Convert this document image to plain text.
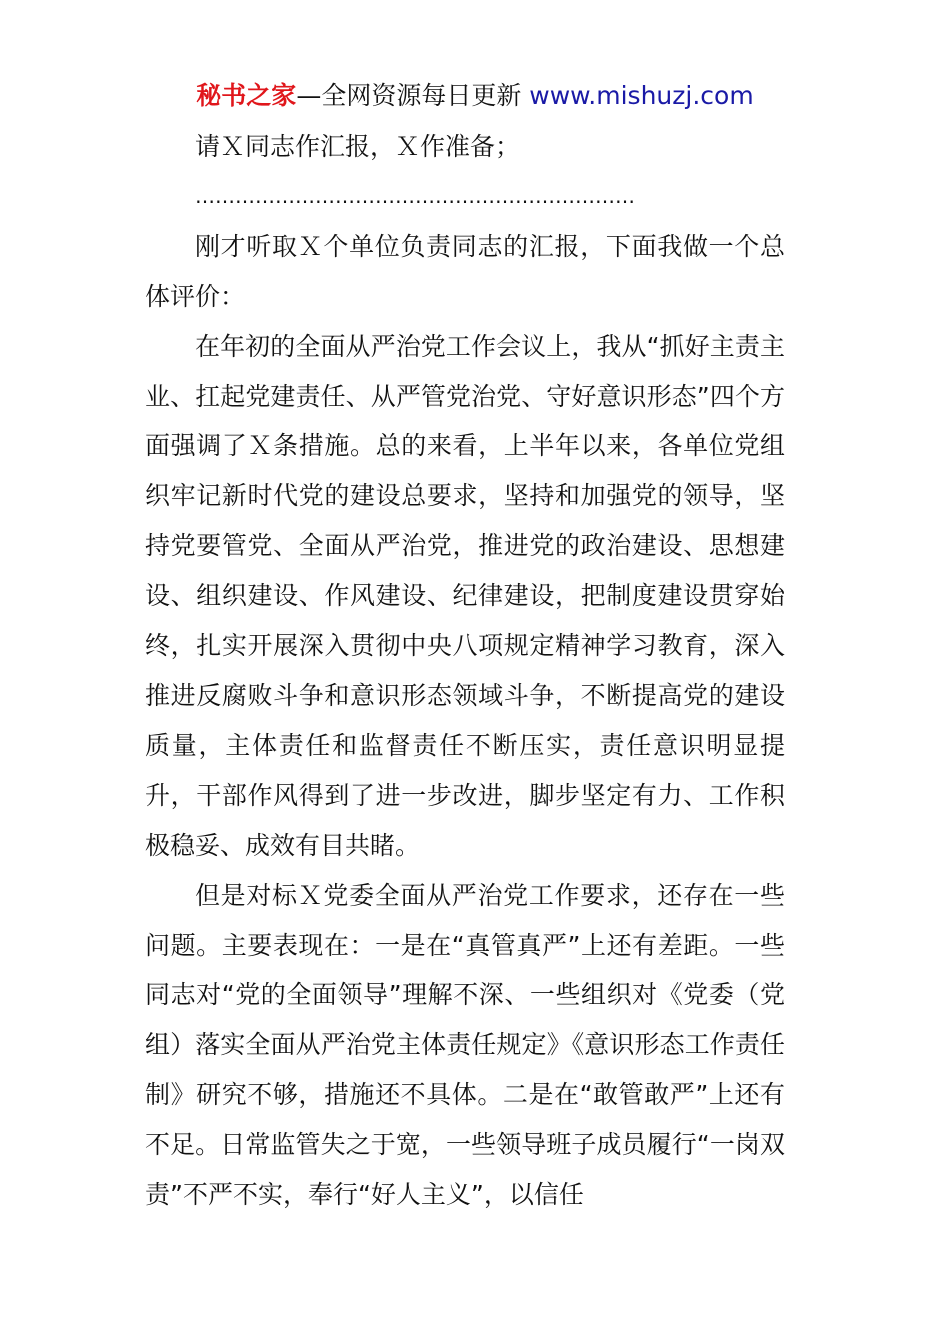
秘书之家—全网资源每日更新 www.mishuzj.com

请Ｘ同志作汇报，Ｘ作准备；

…………………………………………………………

刚才听取Ｘ个单位负责同志的汇报，下面我做一个总体评价：

在年初的全面从严治党工作会议上，我从“抓好主责主业、扛起党建责任、从严管党治党、守好意识形态”四个方面强调了Ｘ条措施。总的来看，上半年以来，各单位党组织牢记新时代党的建设总要求，坚持和加强党的领导，坚持党要管党、全面从严治党，推进党的政治建设、思想建设、组织建设、作风建设、纪律建设，把制度建设贯穿始终，扎实开展深入贯彻中央八项规定精神学习教育，深入推进反腐败斗争和意识形态领域斗争，不断提高党的建设质量，主体责任和监督责任不断压实，责任意识明显提升，干部作风得到了进一步改进，脚步坚定有力、工作积极稳妥、成效有目共睹。

但是对标Ｘ党委全面从严治党工作要求，还存在一些问题。主要表现在：一是在“真管真严”上还有差距。一些同志对“党的全面领导”理解不深、一些组织对《党委（党组）落实全面从严治党主体责任规定》《意识形态工作责任制》研究不够，措施还不具体。二是在“敢管敢严”上还有不足。日常监管失之于宽，一些领导班子成员履行“一岗双责”不严不实，奉行“好人主义”，以信任
